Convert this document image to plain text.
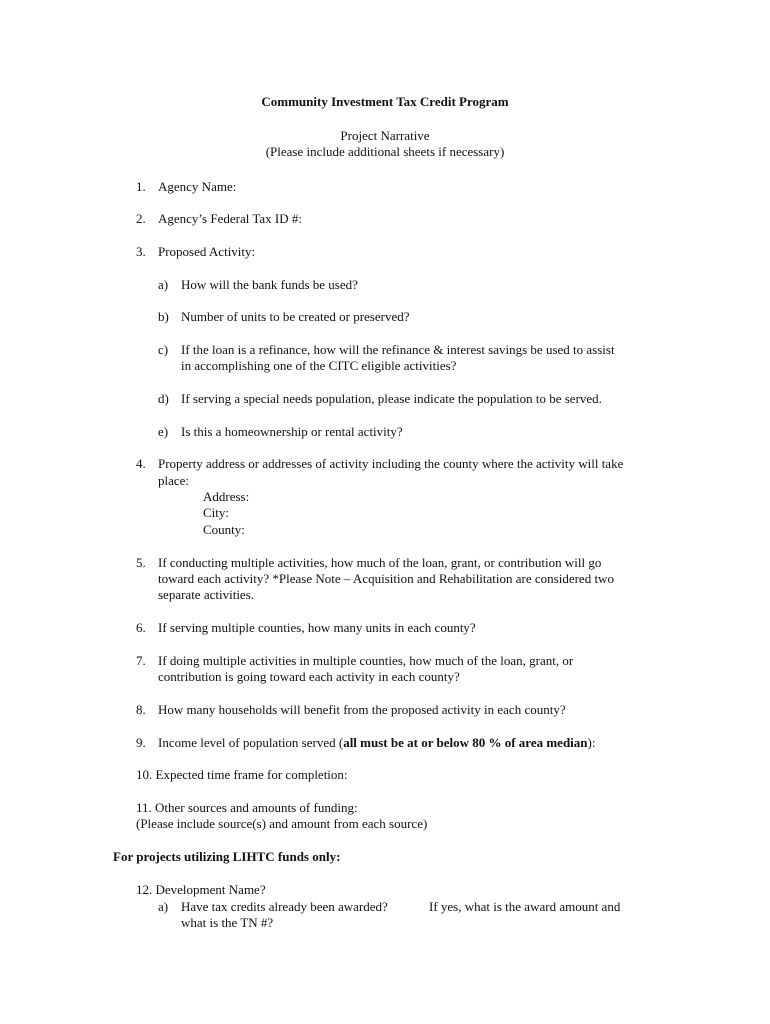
Community Investment Tax Credit Program
Project Narrative
(Please include additional sheets if necessary)
1. Agency Name:
2. Agency’s Federal Tax ID #:
3. Proposed Activity:
a) How will the bank funds be used?
b) Number of units to be created or preserved?
c) If the loan is a refinance, how will the refinance & interest savings be used to assist
in accomplishing one of the CITC eligible activities?
d) If serving a special needs population, please indicate the population to be served.
e) Is this a homeownership or rental activity?
4. Property address or addresses of activity including the county where the activity will take
place:
Address:
City:
County:
5. If conducting multiple activities, how much of the loan, grant, or contribution will go
toward each activity? *Please Note – Acquisition and Rehabilitation are considered two
separate activities.
6. If serving multiple counties, how many units in each county?
7. If doing multiple activities in multiple counties, how much of the loan, grant, or
contribution is going toward each activity in each county?
8. How many households will benefit from the proposed activity in each county?
9. Income level of population served (all must be at or below 80 % of area median):
10. Expected time frame for completion:
11. Other sources and amounts of funding:
(Please include source(s) and amount from each source)
For projects utilizing LIHTC funds only:
12. Development Name?
a) Have tax credits already been awarded?	If yes, what is the award amount and
what is the TN #?
